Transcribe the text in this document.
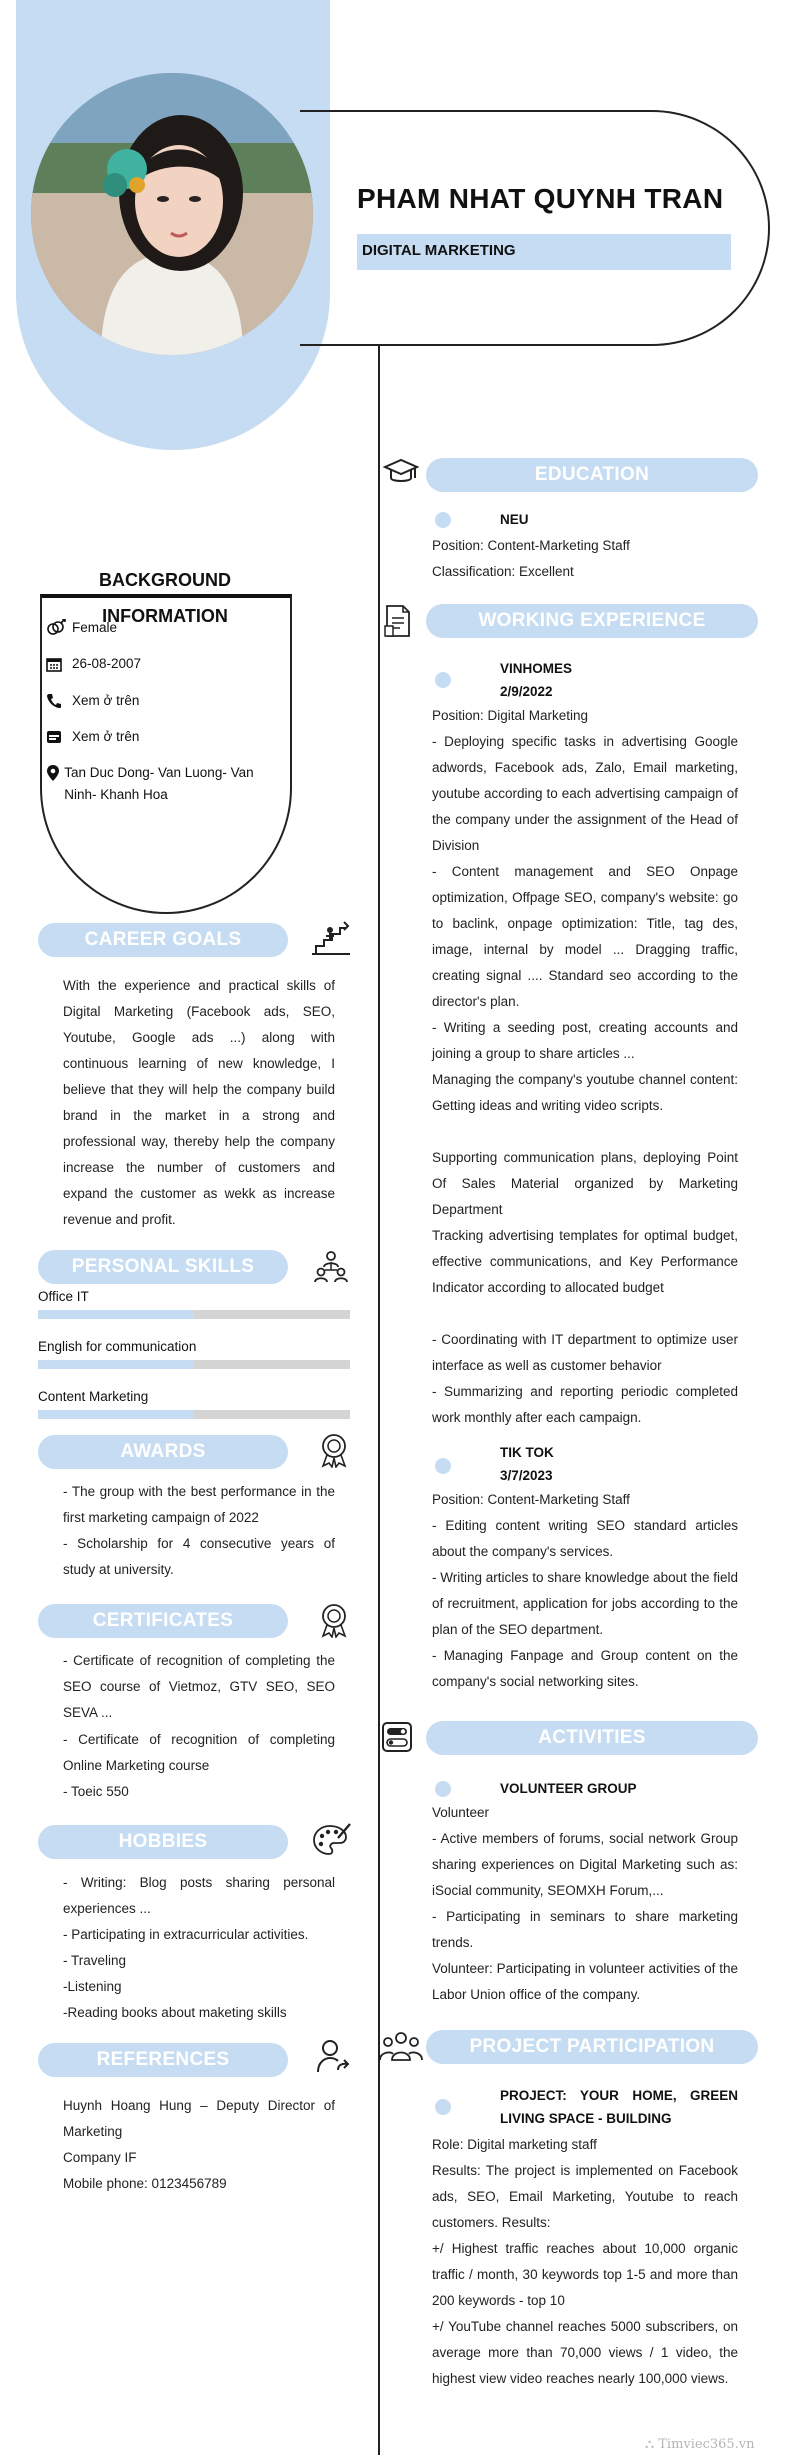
PHAM NHAT QUYNH TRAN
DIGITAL MARKETING
BACKGROUND INFORMATION
Female
26-08-2007
Xem ở trên
Xem ở trên
Tan Duc Dong- Van Luong- Van Ninh- Khanh Hoa
CAREER GOALS
With the experience and practical skills of Digital Marketing (Facebook ads, SEO, Youtube, Google ads ...) along with continuous learning of new knowledge, I believe that they will help the company build brand in the market in a strong and professional way, thereby help the company increase the number of customers and expand the customer as wekk as increase revenue and profit.
PERSONAL SKILLS
Office IT
English for communication
Content Marketing
AWARDS
- The group with the best performance in the first marketing campaign of 2022
- Scholarship for 4 consecutive years of study at university.
CERTIFICATES
- Certificate of recognition of completing the SEO course of Vietmoz, GTV SEO, SEO SEVA ...
- Certificate of recognition of completing Online Marketing course
- Toeic 550
HOBBIES
- Writing: Blog posts sharing personal experiences ...
- Participating in extracurricular activities.
- Traveling
-Listening
-Reading books about maketing skills
REFERENCES
Huynh Hoang Hung – Deputy Director of Marketing
Company IF
Mobile phone: 0123456789
EDUCATION
NEU
Position: Content-Marketing Staff
Classification: Excellent
WORKING EXPERIENCE
VINHOMES
2/9/2022
Position: Digital Marketing
- Deploying specific tasks in advertising Google adwords, Facebook ads, Zalo, Email marketing, youtube according to each advertising campaign of the company under the assignment of the Head of Division
- Content management and SEO Onpage optimization, Offpage SEO, company's website: go to baclink, onpage optimization: Title, tag des, image, internal by model ... Dragging traffic, creating signal .... Standard seo according to the director's plan.
- Writing a seeding post, creating accounts and joining a group to share articles ...
Managing the company's youtube channel content: Getting ideas and writing video scripts.
Supporting communication plans, deploying Point Of Sales Material organized by Marketing Department
Tracking advertising templates for optimal budget, effective communications, and Key Performance Indicator according to allocated budget
- Coordinating with IT department to optimize user interface as well as customer behavior
- Summarizing and reporting periodic completed work monthly after each campaign.
TIK TOK
3/7/2023
Position: Content-Marketing Staff
- Editing content writing SEO standard articles about the company's services.
- Writing articles to share knowledge about the field of recruitment, application for jobs according to the plan of the SEO department.
- Managing Fanpage and Group content on the company's social networking sites.
ACTIVITIES
VOLUNTEER GROUP
Volunteer
- Active members of forums, social network Group sharing experiences on Digital Marketing such as: iSocial community, SEOMXH Forum,...
- Participating in seminars to share marketing trends.
Volunteer: Participating in volunteer activities of the Labor Union office of the company.
PROJECT PARTICIPATION
PROJECT: YOUR HOME, GREEN LIVING SPACE - BUILDING
Role: Digital marketing staff
Results: The project is implemented on Facebook ads, SEO, Email Marketing, Youtube to reach customers. Results:
+/ Highest traffic reaches about 10,000 organic traffic / month, 30 keywords top 1-5 and more than 200 keywords - top 10
+/ YouTube channel reaches 5000 subscribers, on average more than 70,000 views / 1 video, the highest view video reaches nearly 100,000 views.
⛬ Timviec365.vn
